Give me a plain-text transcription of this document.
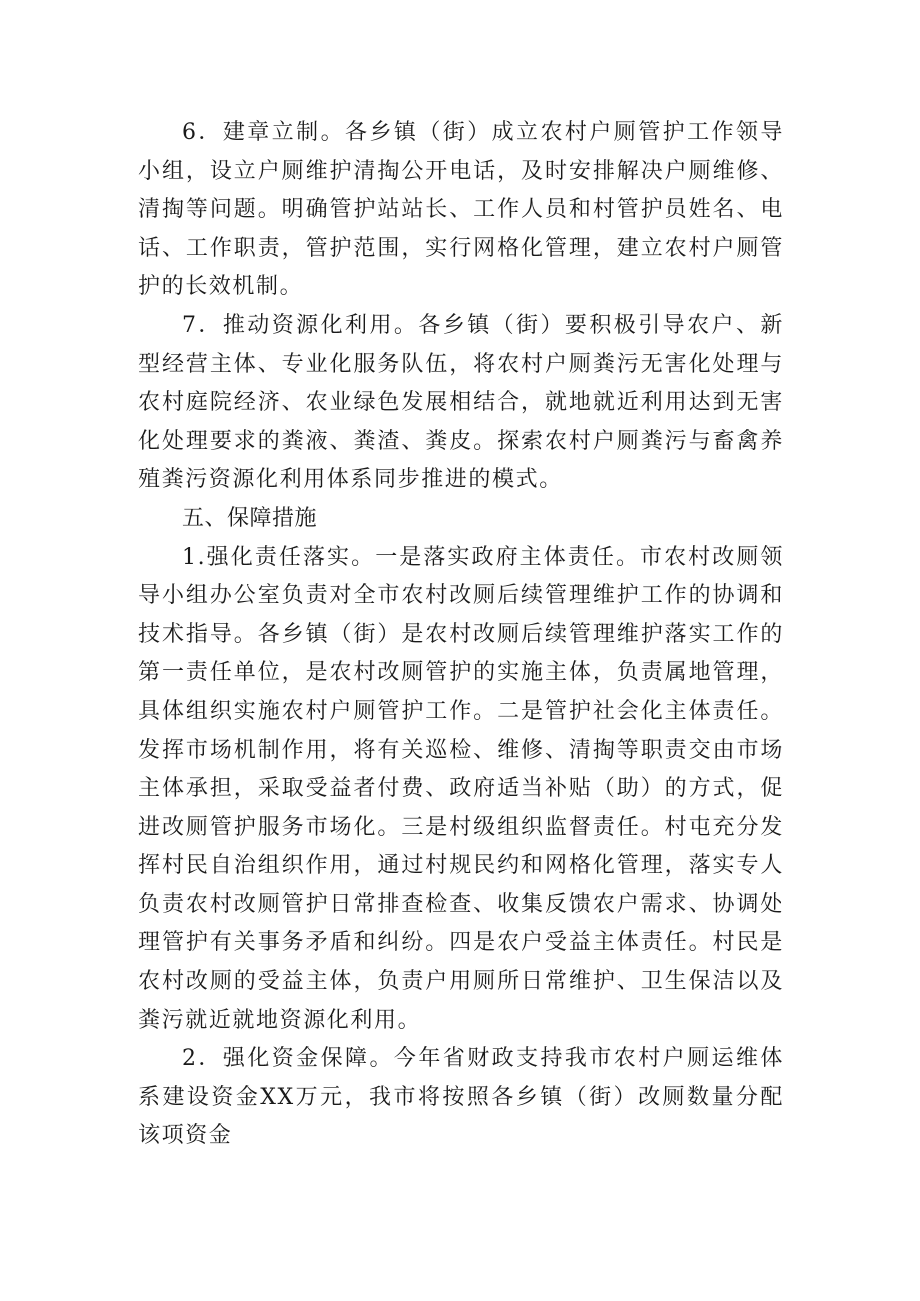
6．建章立制。各乡镇（街）成立农村户厕管护工作领导小组，设立户厕维护清掏公开电话，及时安排解决户厕维修、清掏等问题。明确管护站站长、工作人员和村管护员姓名、电话、工作职责，管护范围，实行网格化管理，建立农村户厕管护的长效机制。

7．推动资源化利用。各乡镇（街）要积极引导农户、新型经营主体、专业化服务队伍，将农村户厕粪污无害化处理与农村庭院经济、农业绿色发展相结合，就地就近利用达到无害化处理要求的粪液、粪渣、粪皮。探索农村户厕粪污与畜禽养殖粪污资源化利用体系同步推进的模式。

五、保障措施

1.强化责任落实。一是落实政府主体责任。市农村改厕领导小组办公室负责对全市农村改厕后续管理维护工作的协调和技术指导。各乡镇（街）是农村改厕后续管理维护落实工作的第一责任单位，是农村改厕管护的实施主体，负责属地管理，具体组织实施农村户厕管护工作。二是管护社会化主体责任。发挥市场机制作用，将有关巡检、维修、清掏等职责交由市场主体承担，采取受益者付费、政府适当补贴（助）的方式，促进改厕管护服务市场化。三是村级组织监督责任。村屯充分发挥村民自治组织作用，通过村规民约和网格化管理，落实专人负责农村改厕管护日常排查检查、收集反馈农户需求、协调处理管护有关事务矛盾和纠纷。四是农户受益主体责任。村民是农村改厕的受益主体，负责户用厕所日常维护、卫生保洁以及粪污就近就地资源化利用。

2．强化资金保障。今年省财政支持我市农村户厕运维体系建设资金XX万元，我市将按照各乡镇（街）改厕数量分配该项资金
